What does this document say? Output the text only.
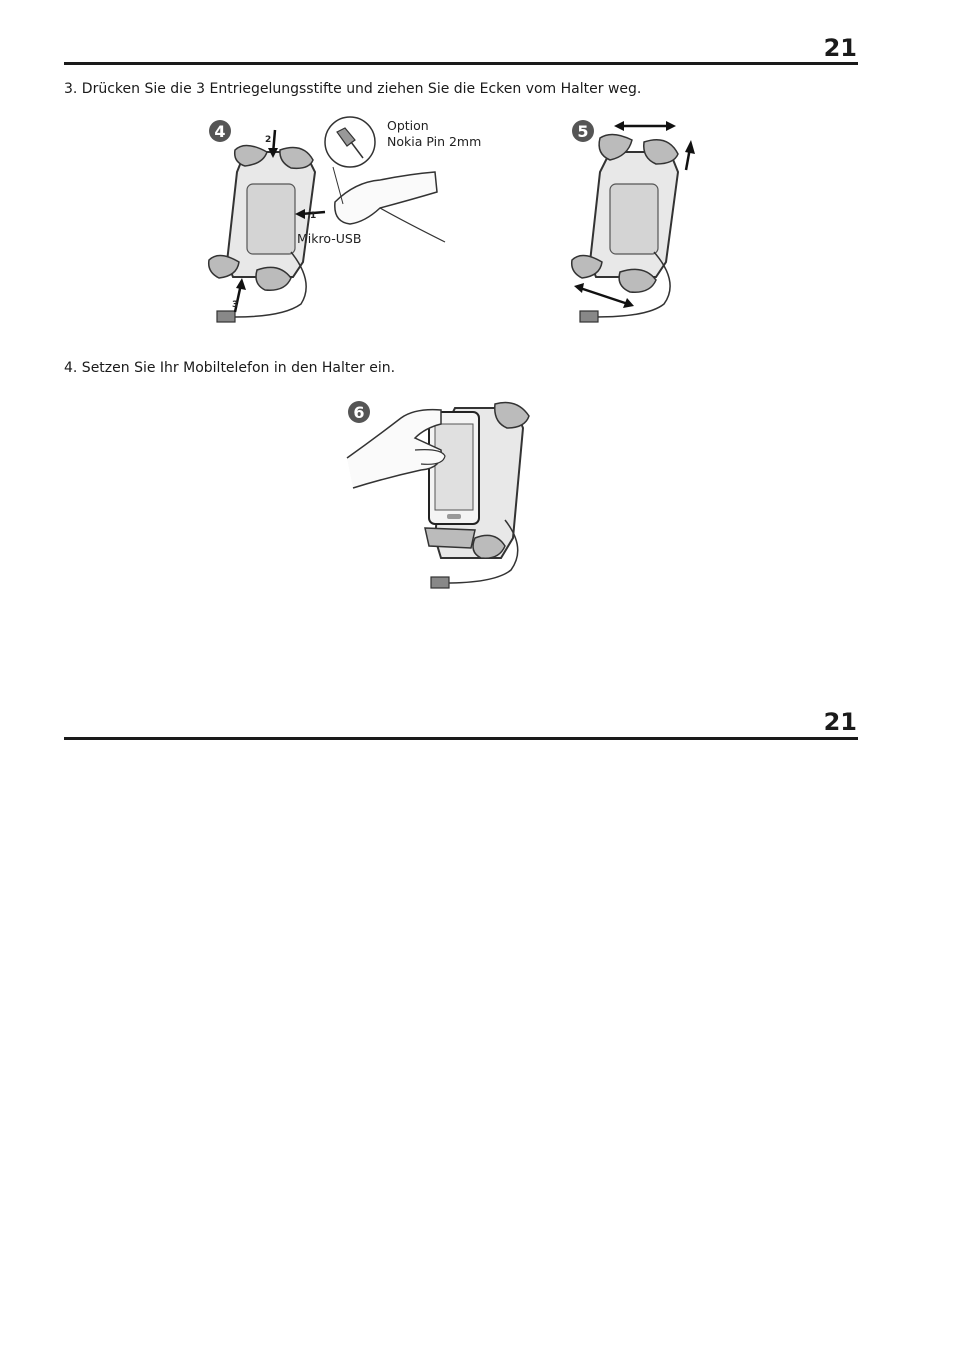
21
3. Drücken Sie die 3 Entriegelungsstifte und ziehen Sie die Ecken vom Halter weg.
4	2
1
3
Option
Nokia Pin 2mm
Mikro-USB
5
4. Setzen Sie Ihr Mobiltelefon in den Halter ein.
6
21
